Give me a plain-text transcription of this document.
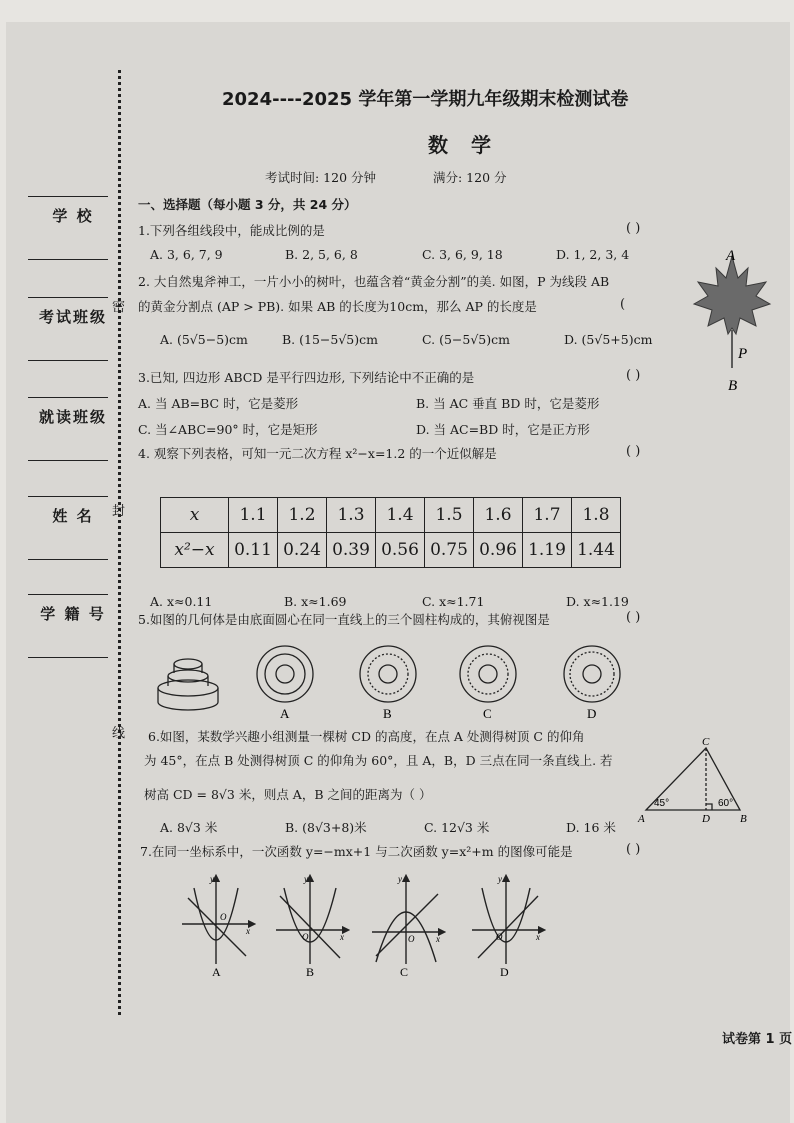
密
封
线
学 校
考试班级
就读班级
姓 名
学 籍 号
2024----2025 学年第一学期九年级期末检测试卷
数 学
考试时间: 120 分钟	满分: 120 分
一、选择题（每小题 3 分，共 24 分）
1.下列各组线段中，能成比例的是	( )
A. 3, 6, 7, 9	B. 2, 5, 6, 8	C. 3, 6, 9, 18	D. 1, 2, 3, 4
2. 大自然鬼斧神工，一片小小的树叶，也蕴含着“黄金分割”的美. 如图，P 为线段 AB
的黄金分割点 (AP > PB). 如果 AB 的长度为10cm，那么 AP 的长度是	(
A. (5√5−5)cm	B. (15−5√5)cm	C. (5−5√5)cm	D. (5√5+5)cm
A
P
B
3.已知, 四边形 ABCD 是平行四边形, 下列结论中不正确的是	( )
A. 当 AB=BC 时，它是菱形	B. 当 AC 垂直 BD 时，它是菱形
C. 当∠ABC=90° 时，它是矩形	D. 当 AC=BD 时，它是正方形
4. 观察下列表格，可知一元二次方程 x²−x=1.2 的一个近似解是	( )
x	1.1	1.2	1.3	1.4	1.5	1.6	1.7	1.8
x²−x	0.11	0.24	0.39	0.56	0.75	0.96	1.19	1.44
A. x≈0.11	B. x≈1.69	C. x≈1.71	D. x≈1.19
5.如图的几何体是由底面圆心在同一直线上的三个圆柱构成的，其俯视图是	( )
A	B	C	D
6.如图，某数学兴趣小组测量一棵树 CD 的高度，在点 A 处测得树顶 C 的仰角
为 45°，在点 B 处测得树顶 C 的仰角为 60°，且 A，B，D 三点在同一条直线上. 若
树高 CD = 8√3 米，则点 A，B 之间的距离为（ ）
A. 8√3 米	B. (8√3+8)米	C. 12√3 米	D. 16 米
C
A	D	B
45°	60°
7.在同一坐标系中，一次函数 y=−mx+1 与二次函数 y=x²+m 的图像可能是	( )
y
x
O
y
x
O
y
x
O
y
x
O
A	B	C	D
试卷第 1 页
